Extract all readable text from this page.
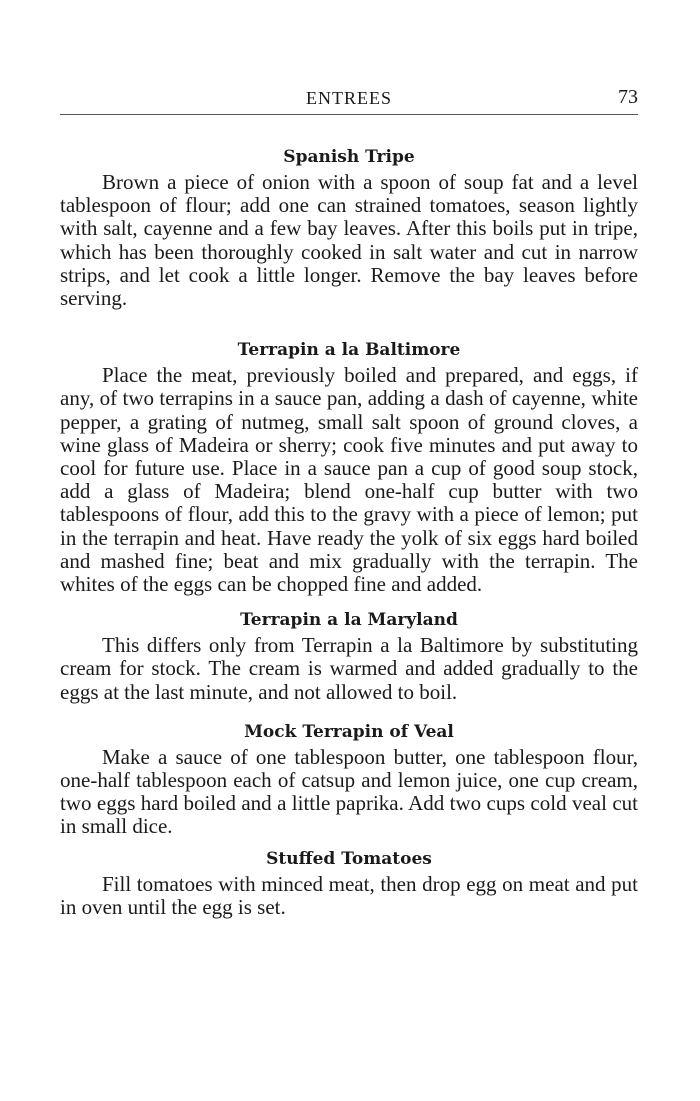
ENTREES	73
Spanish Tripe

Brown a piece of onion with a spoon of soup fat and a level tablespoon of flour; add one can strained tomatoes, season lightly with salt, cayenne and a few bay leaves. After this boils put in tripe, which has been thoroughly cooked in salt water and cut in narrow strips, and let cook a little longer. Remove the bay leaves before serving.

Terrapin a la Baltimore

Place the meat, previously boiled and prepared, and eggs, if any, of two terrapins in a sauce pan, adding a dash of cayenne, white pepper, a grating of nutmeg, small salt spoon of ground cloves, a wine glass of Madeira or sherry; cook five minutes and put away to cool for future use. Place in a sauce pan a cup of good soup stock, add a glass of Madeira; blend one-half cup butter with two tablespoons of flour, add this to the gravy with a piece of lemon; put in the terrapin and heat. Have ready the yolk of six eggs hard boiled and mashed fine; beat and mix gradually with the terrapin. The whites of the eggs can be chopped fine and added.

Terrapin a la Maryland

This differs only from Terrapin a la Baltimore by substituting cream for stock. The cream is warmed and added gradually to the eggs at the last minute, and not allowed to boil.

Mock Terrapin of Veal

Make a sauce of one tablespoon butter, one tablespoon flour, one-half tablespoon each of catsup and lemon juice, one cup cream, two eggs hard boiled and a little paprika. Add two cups cold veal cut in small dice.

Stuffed Tomatoes

Fill tomatoes with minced meat, then drop egg on meat and put in oven until the egg is set.
